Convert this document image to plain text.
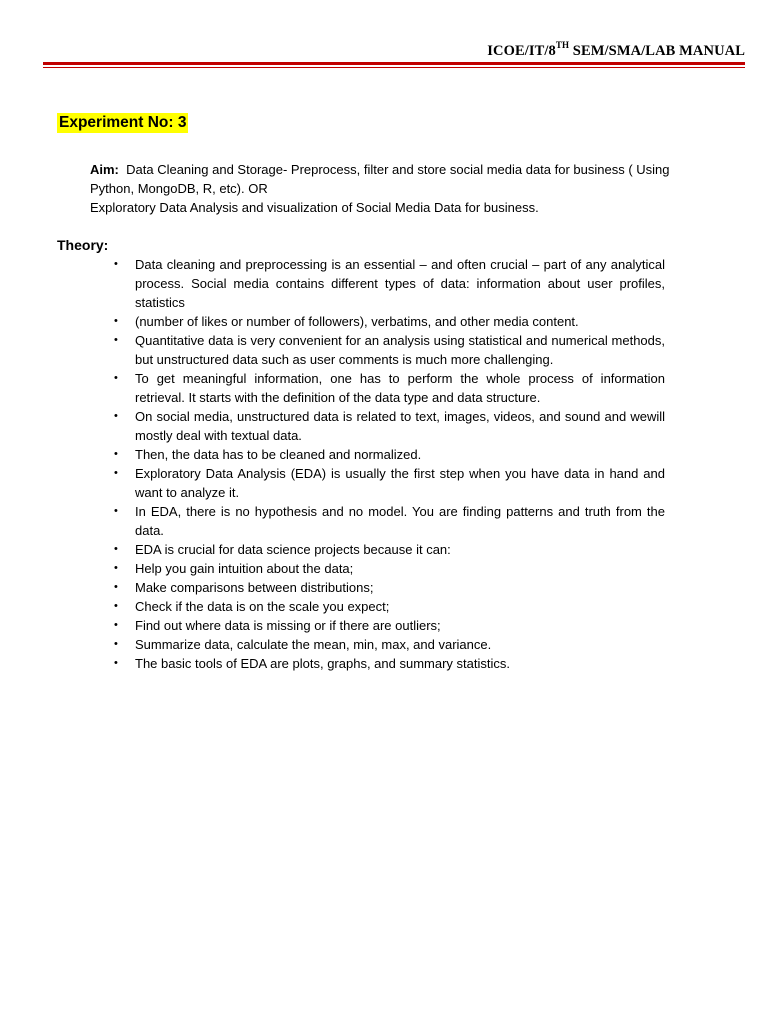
ICOE/IT/8TH SEM/SMA/LAB MANUAL
Experiment No: 3
Aim: Data Cleaning and Storage- Preprocess, filter and store social media data for business ( Using Python, MongoDB, R, etc). OR
Exploratory Data Analysis and visualization of Social Media Data for business.
Theory:
• Data cleaning and preprocessing is an essential – and often crucial – part of any analytical process. Social media contains different types of data: information about user profiles, statistics
• (number of likes or number of followers), verbatims, and other media content.
• Quantitative data is very convenient for an analysis using statistical and numerical methods, but unstructured data such as user comments is much more challenging.
• To get meaningful information, one has to perform the whole process of information retrieval. It starts with the definition of the data type and data structure.
• On social media, unstructured data is related to text, images, videos, and sound and wewill mostly deal with textual data.
• Then, the data has to be cleaned and normalized.
• Exploratory Data Analysis (EDA) is usually the first step when you have data in hand and want to analyze it.
• In EDA, there is no hypothesis and no model. You are finding patterns and truth from the data.
• EDA is crucial for data science projects because it can:
• Help you gain intuition about the data;
• Make comparisons between distributions;
• Check if the data is on the scale you expect;
• Find out where data is missing or if there are outliers;
• Summarize data, calculate the mean, min, max, and variance.
• The basic tools of EDA are plots, graphs, and summary statistics.
